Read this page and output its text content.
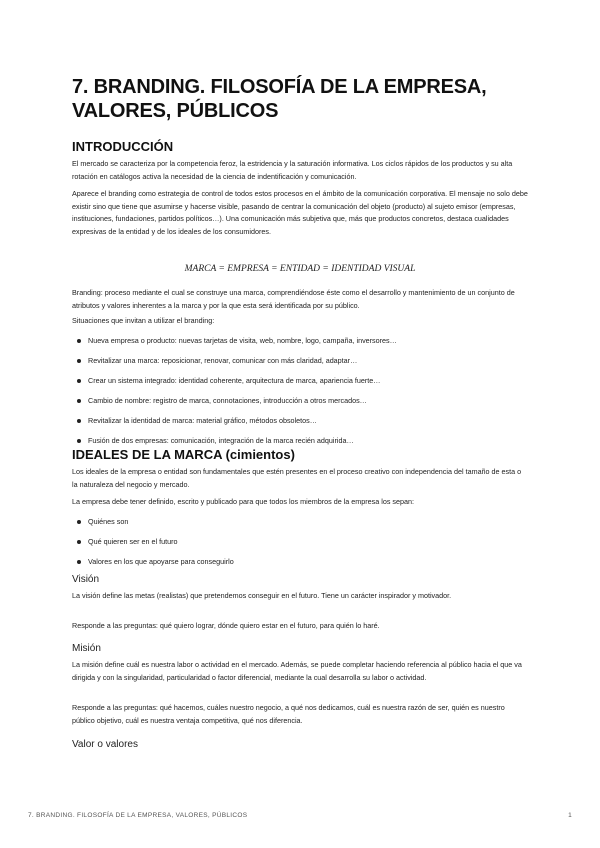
7. BRANDING. FILOSOFÍA DE LA EMPRESA, VALORES, PÚBLICOS
INTRODUCCIÓN

El mercado se caracteriza por la competencia feroz, la estridencia y la saturación informativa. Los ciclos rápidos de los productos y su alta rotación en catálogos activa la necesidad de la ciencia de indentificación y comunicación.

Aparece el branding como estrategia de control de todos estos procesos en el ámbito de la comunicación corporativa. El mensaje no solo debe existir sino que tiene que asumirse y hacerse visible, pasando de centrar la comunicación del objeto (producto) al sujeto emisor (empresas, instituciones, fundaciones, partidos políticos…). Una comunicación más subjetiva que, más que productos concretos, destaca cualidades expresivas de la entidad y de los ideales de los consumidores.

MARCA = EMPRESA = ENTIDAD = IDENTIDAD VISUAL

Branding: proceso mediante el cual se construye una marca, comprendiéndose éste como el desarrollo y mantenimiento de un conjunto de atributos y valores inherentes a la marca y por la que esta será identificada por su público.

Situaciones que invitan a utilizar el branding:

Nueva empresa o producto: nuevas tarjetas de visita, web, nombre, logo, campaña, inversores…
Revitalizar una marca: reposicionar, renovar, comunicar con más claridad, adaptar…
Crear un sistema integrado: identidad coherente, arquitectura de marca, apariencia fuerte…
Cambio de nombre: registro de marca, connotaciones, introducción a otros mercados…
Revitalizar la identidad de marca: material gráfico, métodos obsoletos…
Fusión de dos empresas: comunicación, integración de la marca recién adquirida…
IDEALES DE LA MARCA (cimientos)

Los ideales de la empresa o entidad son fundamentales que estén presentes en el proceso creativo con independencia del tamaño de esta o la naturaleza del negocio y mercado.

La empresa debe tener definido, escrito y publicado para que todos los miembros de la empresa los sepan:

Quiénes son
Qué quieren ser en el futuro
Valores en los que apoyarse para conseguirlo
Visión

La visión define las metas (realistas) que pretendemos conseguir en el futuro. Tiene un carácter inspirador y motivador.

Responde a las preguntas: qué quiero lograr, dónde quiero estar en el futuro, para quién lo haré.

Misión

La misión define cuál es nuestra labor o actividad en el mercado. Además, se puede completar haciendo referencia al público hacia el que va dirigida y con la singularidad, particularidad o factor diferencial, mediante la cual desarrolla su labor o actividad.

Responde a las preguntas: qué hacemos, cuáles nuestro negocio, a qué nos dedicamos, cuál es nuestra razón de ser, quién es nuestro público objetivo, cuál es nuestra ventaja competitiva, qué nos diferencia.

Valor o valores
7. BRANDING. FILOSOFÍA DE LA EMPRESA, VALORES, PÚBLICOS	1
